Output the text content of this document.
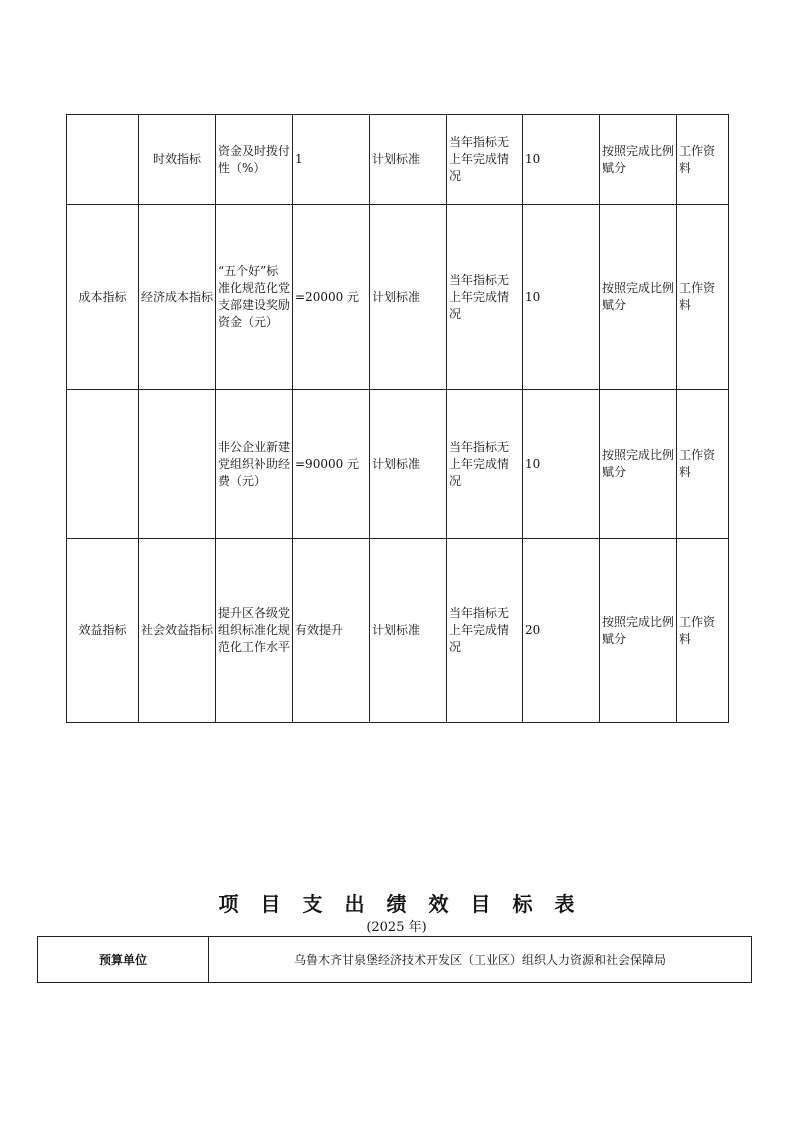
	时效指标	资金及时拨付性（%）	1	计划标准	当年指标无上年完成情况	10	按照完成比例赋分	工作资料
成本指标	经济成本指标	“五个好”标准化规范化党支部建设奖励资金（元）	=20000 元	计划标准	当年指标无上年完成情况	10	按照完成比例赋分	工作资料
		非公企业新建党组织补助经费（元）	=90000 元	计划标准	当年指标无上年完成情况	10	按照完成比例赋分	工作资料
效益指标	社会效益指标	提升区各级党组织标准化规范化工作水平	有效提升	计划标准	当年指标无上年完成情况	20	按照完成比例赋分	工作资料
项目支出绩效目标表
(2025 年)
预算单位	乌鲁木齐甘泉堡经济技术开发区（工业区）组织人力资源和社会保障局
